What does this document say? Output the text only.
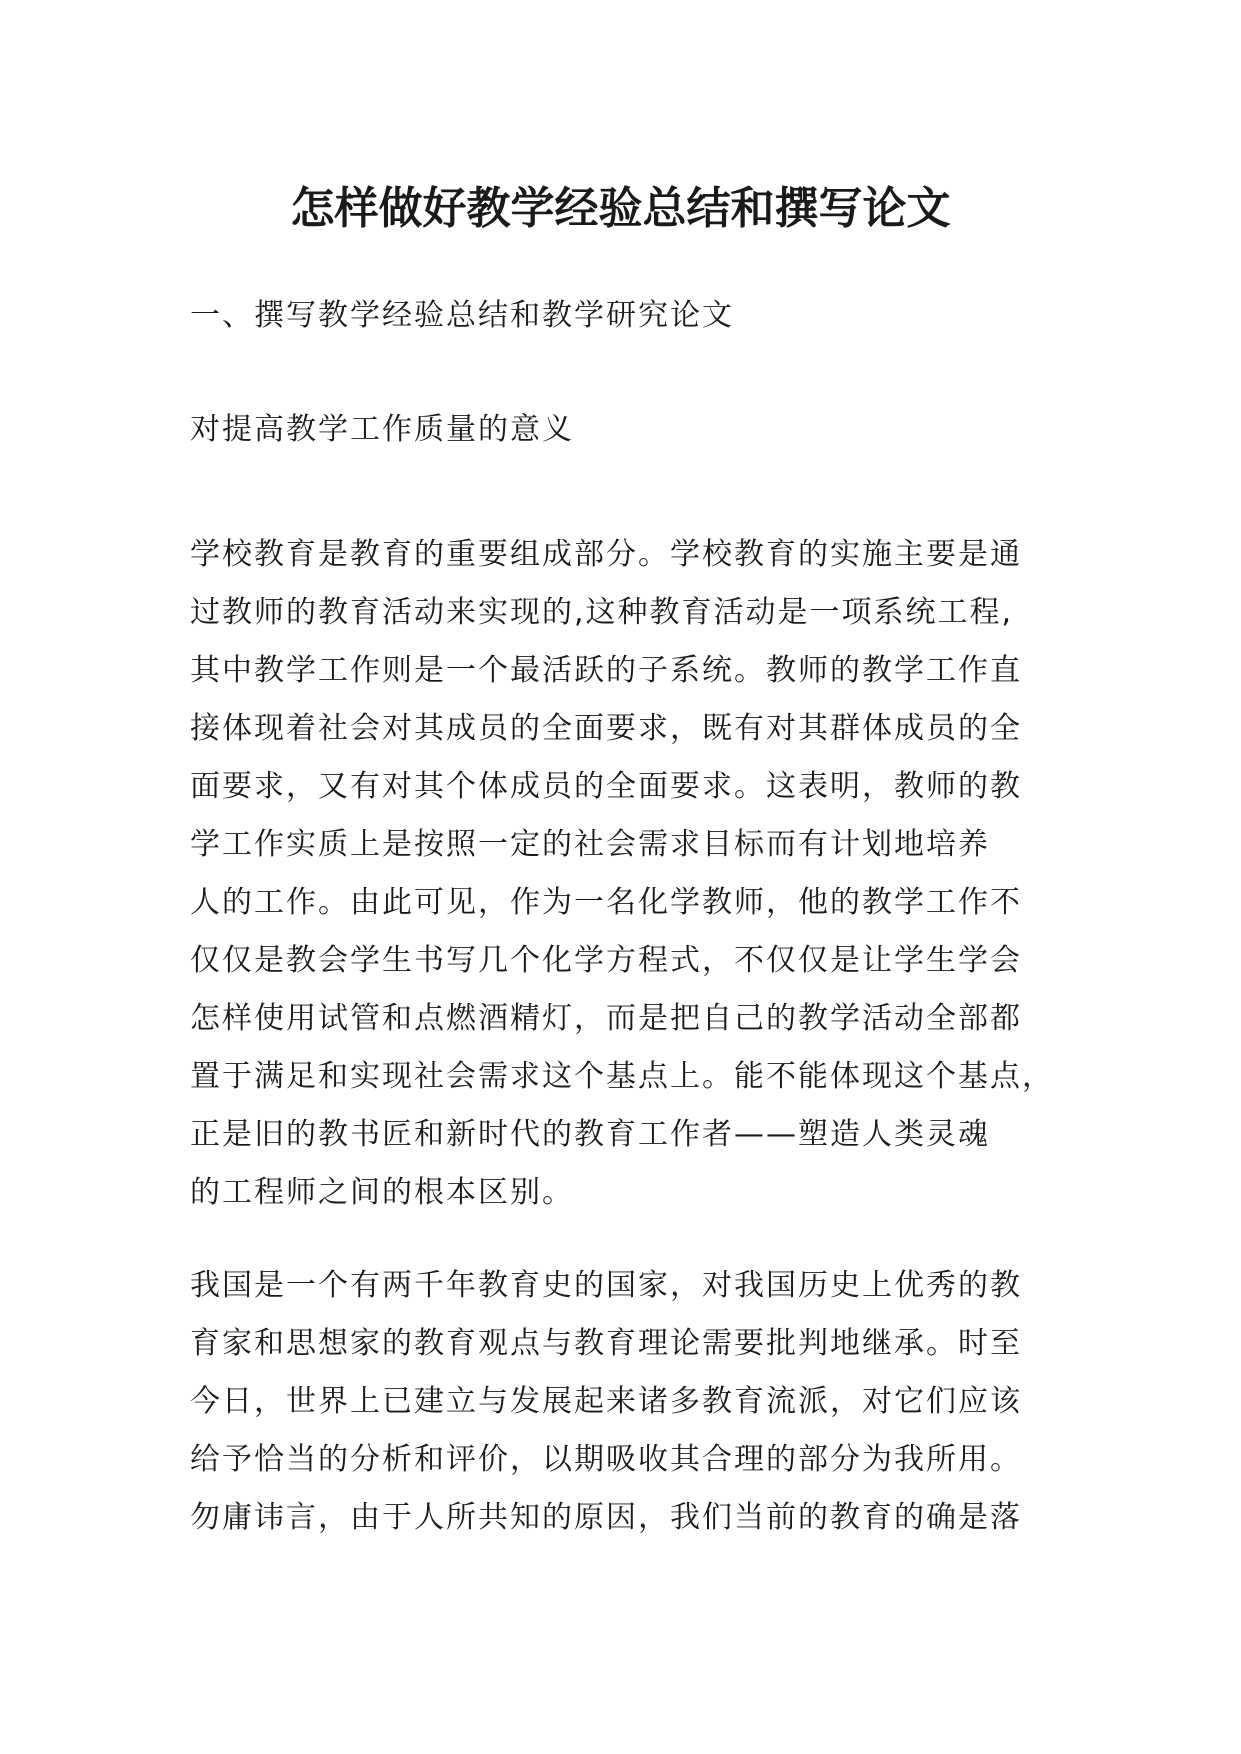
怎样做好教学经验总结和撰写论文
一、撰写教学经验总结和教学研究论文
对提高教学工作质量的意义
学校教育是教育的重要组成部分。学校教育的实施主要是通
过教师的教育活动来实现的,这种教育活动是一项系统工程,
其中教学工作则是一个最活跃的子系统。教师的教学工作直
接体现着社会对其成员的全面要求，既有对其群体成员的全
面要求，又有对其个体成员的全面要求。这表明，教师的教
学工作实质上是按照一定的社会需求目标而有计划地培养
人的工作。由此可见，作为一名化学教师，他的教学工作不
仅仅是教会学生书写几个化学方程式，不仅仅是让学生学会
怎样使用试管和点燃酒精灯，而是把自己的教学活动全部都
置于满足和实现社会需求这个基点上。能不能体现这个基点，
正是旧的教书匠和新时代的教育工作者——塑造人类灵魂
的工程师之间的根本区别。
我国是一个有两千年教育史的国家，对我国历史上优秀的教
育家和思想家的教育观点与教育理论需要批判地继承。时至
今日，世界上已建立与发展起来诸多教育流派，对它们应该
给予恰当的分析和评价，以期吸收其合理的部分为我所用。
勿庸讳言，由于人所共知的原因，我们当前的教育的确是落
